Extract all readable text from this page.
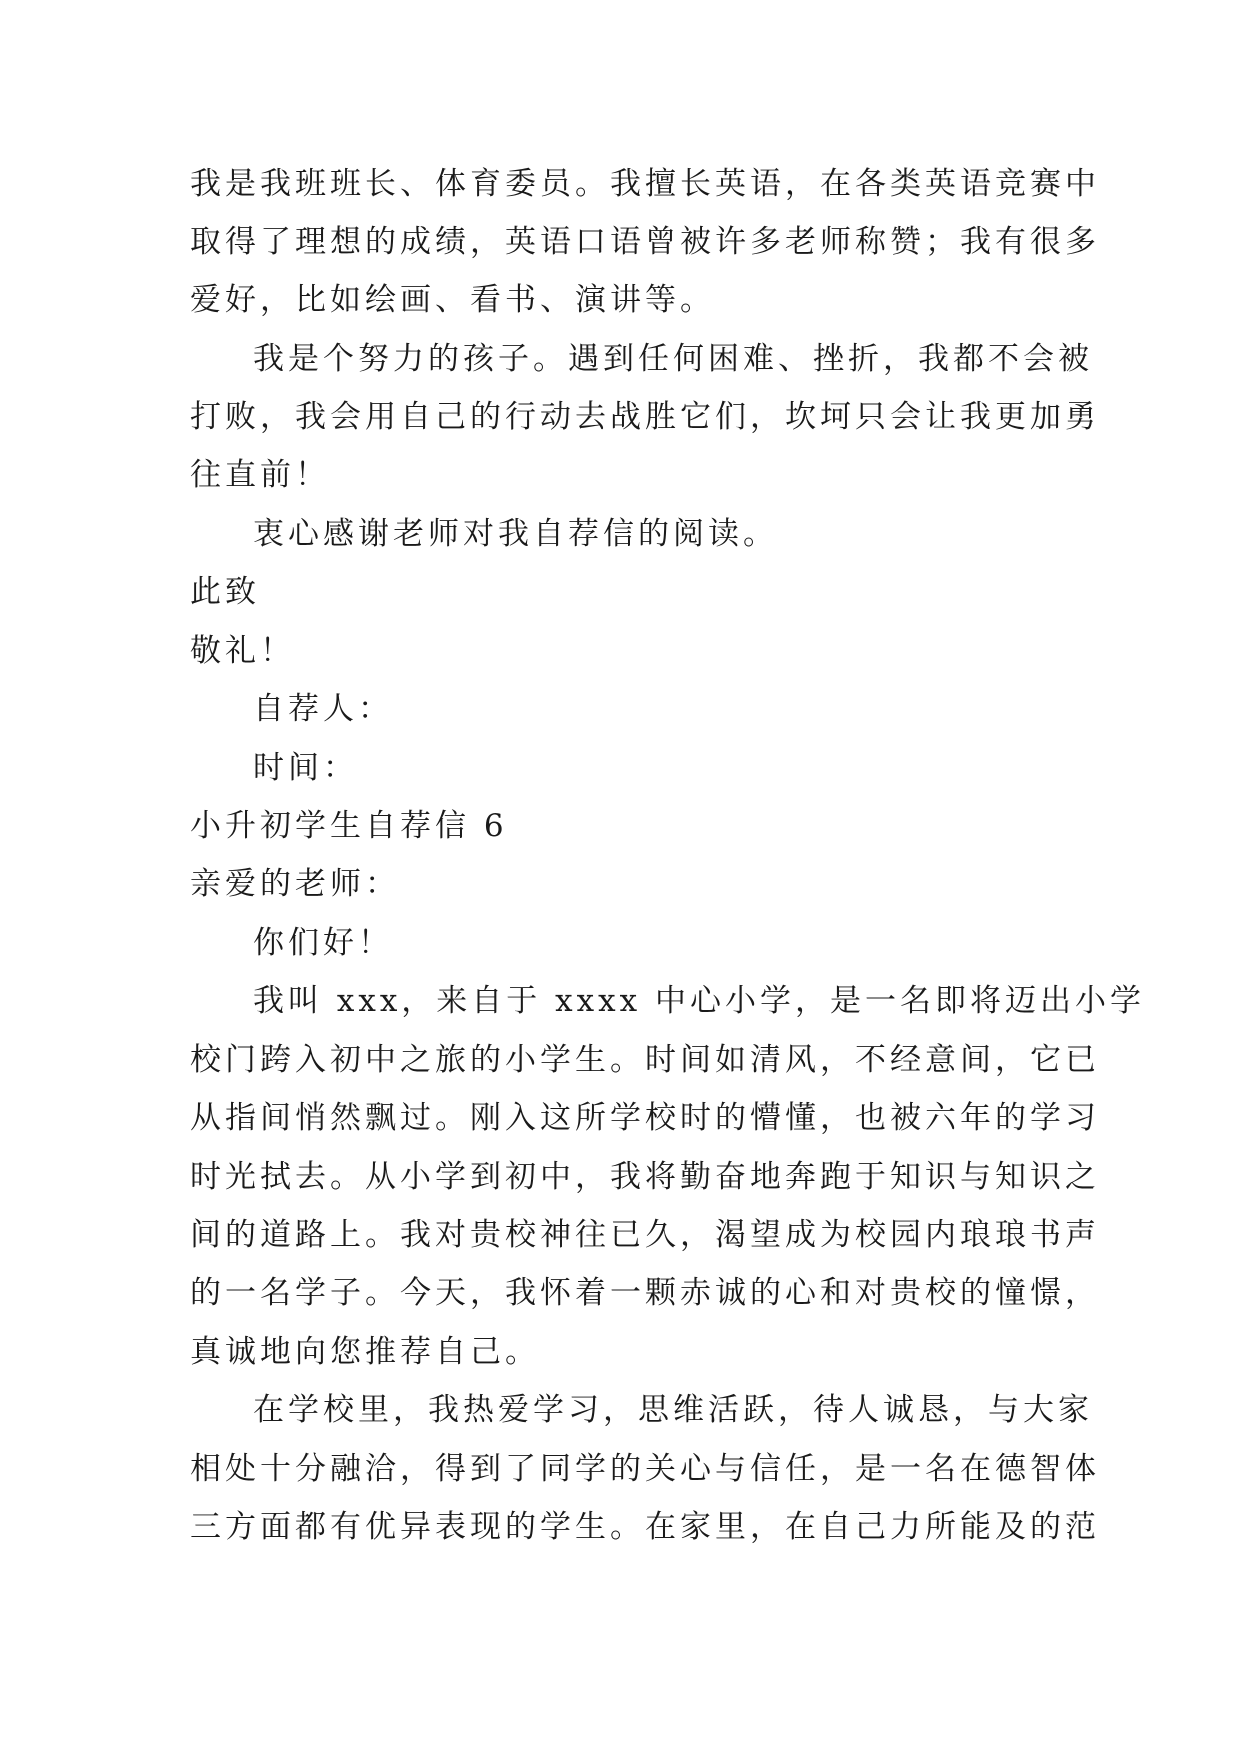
我是我班班长、体育委员。我擅长英语，在各类英语竞赛中

取得了理想的成绩，英语口语曾被许多老师称赞；我有很多

爱好，比如绘画、看书、演讲等。

我是个努力的孩子。遇到任何困难、挫折，我都不会被

打败，我会用自己的行动去战胜它们，坎坷只会让我更加勇

往直前！

衷心感谢老师对我自荐信的阅读。

此致

敬礼！

自荐人：

时间：

小升初学生自荐信 6

亲爱的老师：

你们好！

我叫 xxx，来自于 xxxx 中心小学，是一名即将迈出小学

校门跨入初中之旅的小学生。时间如清风，不经意间，它已

从指间悄然飘过。刚入这所学校时的懵懂，也被六年的学习

时光拭去。从小学到初中，我将勤奋地奔跑于知识与知识之

间的道路上。我对贵校神往已久，渴望成为校园内琅琅书声

的一名学子。今天，我怀着一颗赤诚的心和对贵校的憧憬，

真诚地向您推荐自己。

在学校里，我热爱学习，思维活跃，待人诚恳，与大家

相处十分融洽，得到了同学的关心与信任，是一名在德智体

三方面都有优异表现的学生。在家里，在自己力所能及的范
